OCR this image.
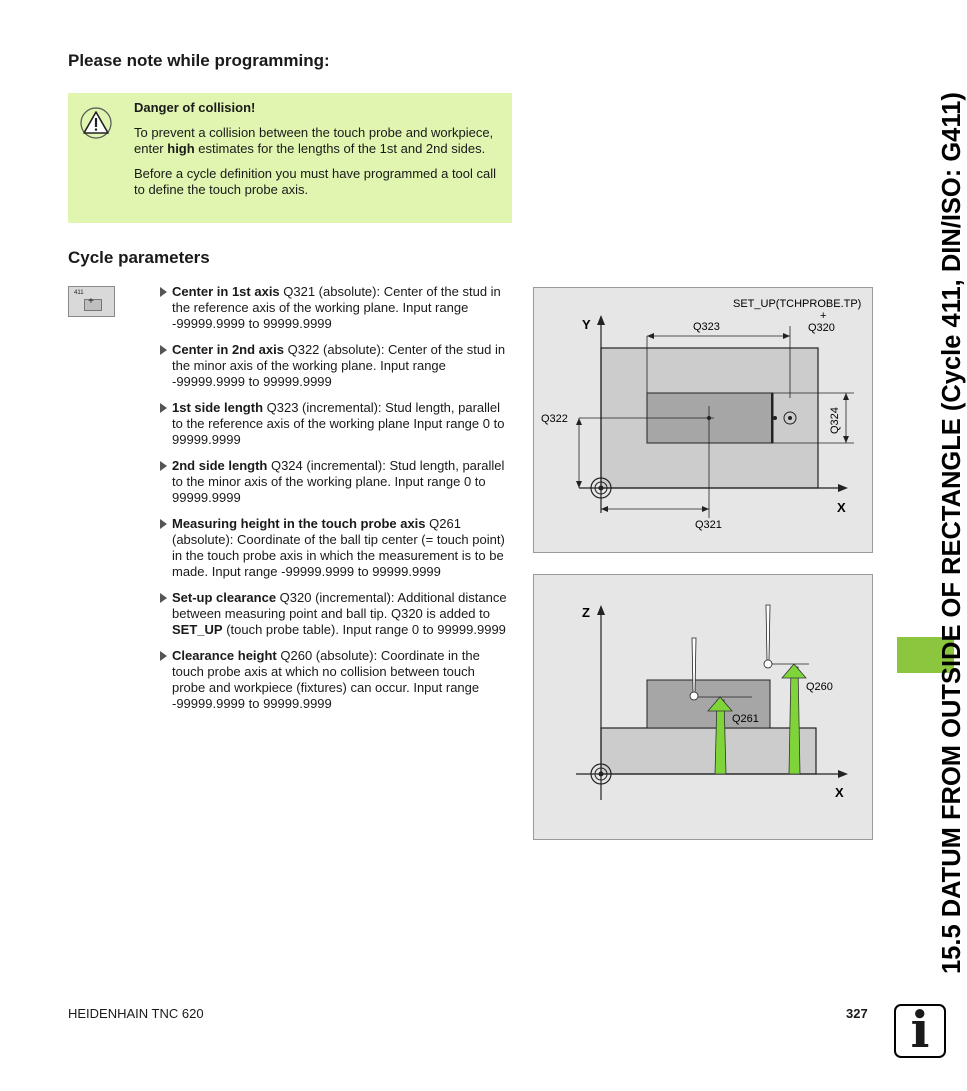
Please note while programming:

Danger of collision!

To prevent a collision between the touch probe and workpiece, enter high estimates for the lengths of the 1st and 2nd sides.

Before a cycle definition you must have programmed a tool call to define the touch probe axis.

Cycle parameters
411
+
Center in 1st axis Q321 (absolute): Center of the stud in the reference axis of the working plane. Input range -99999.9999 to 99999.9999
Center in 2nd axis Q322 (absolute): Center of the stud in the minor axis of the working plane. Input range -99999.9999 to 99999.9999
1st side length Q323 (incremental): Stud length, parallel to the reference axis of the working plane Input range 0 to 99999.9999
2nd side length Q324 (incremental): Stud length, parallel to the minor axis of the working plane. Input range 0 to 99999.9999
Measuring height in the touch probe axis Q261 (absolute): Coordinate of the ball tip center (= touch point) in the touch probe axis in which the measurement is to be made. Input range -99999.9999 to 99999.9999
Set-up clearance Q320 (incremental): Additional distance between measuring point and ball tip. Q320 is added to SET_UP (touch probe table). Input range 0 to 99999.9999
Clearance height Q260 (absolute): Coordinate in the touch probe axis at which no collision between touch probe and workpiece (fixtures) can occur. Input range -99999.9999 to 99999.9999
Y
X
SET_UP(TCHPROBE.TP)
+
Q320
Q323
Q322
Q321
Q324
Z
X
Q260
Q261	15.5 DATUM FROM OUTSIDE OF RECTANGLE (Cycle 411, DIN/ISO: G411)
HEIDENHAIN TNC 620	327 i
